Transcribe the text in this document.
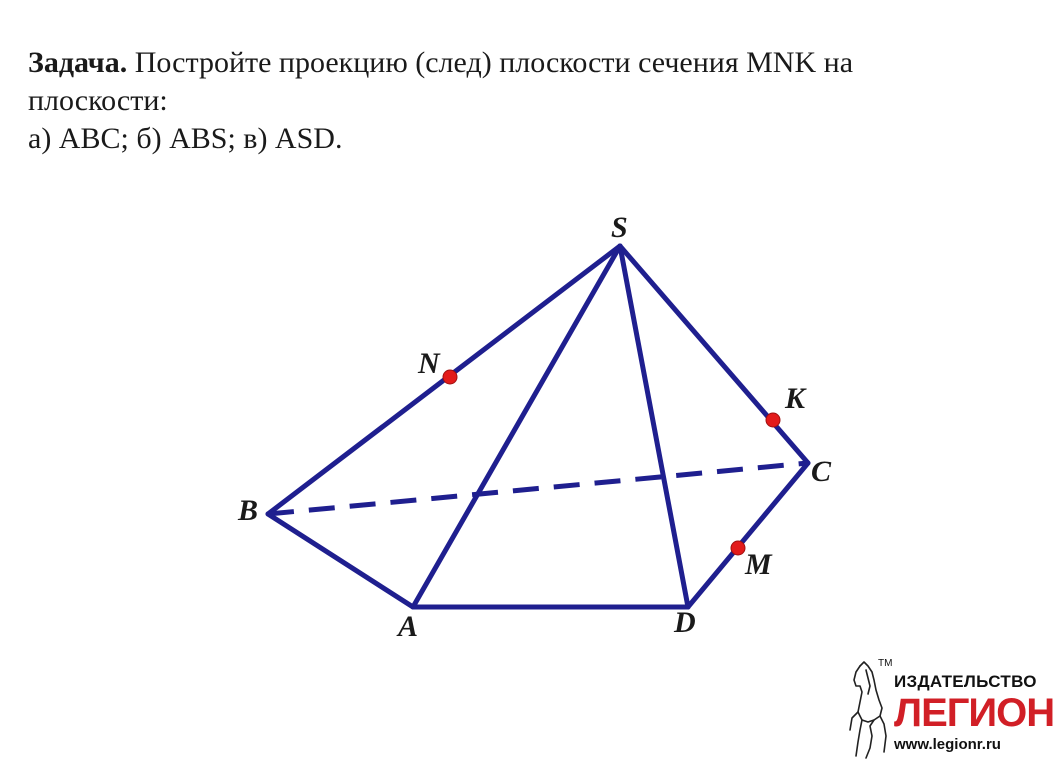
Задача. Постройте проекцию (след) плоскости сечения MNK на
плоскости:
а) ABC; б) ABS; в) ASD.
S
N
K
C
B
M
A	D
TM
ИЗДАТЕЛЬСТВО
ЛЕГИОН
www.legionr.ru
